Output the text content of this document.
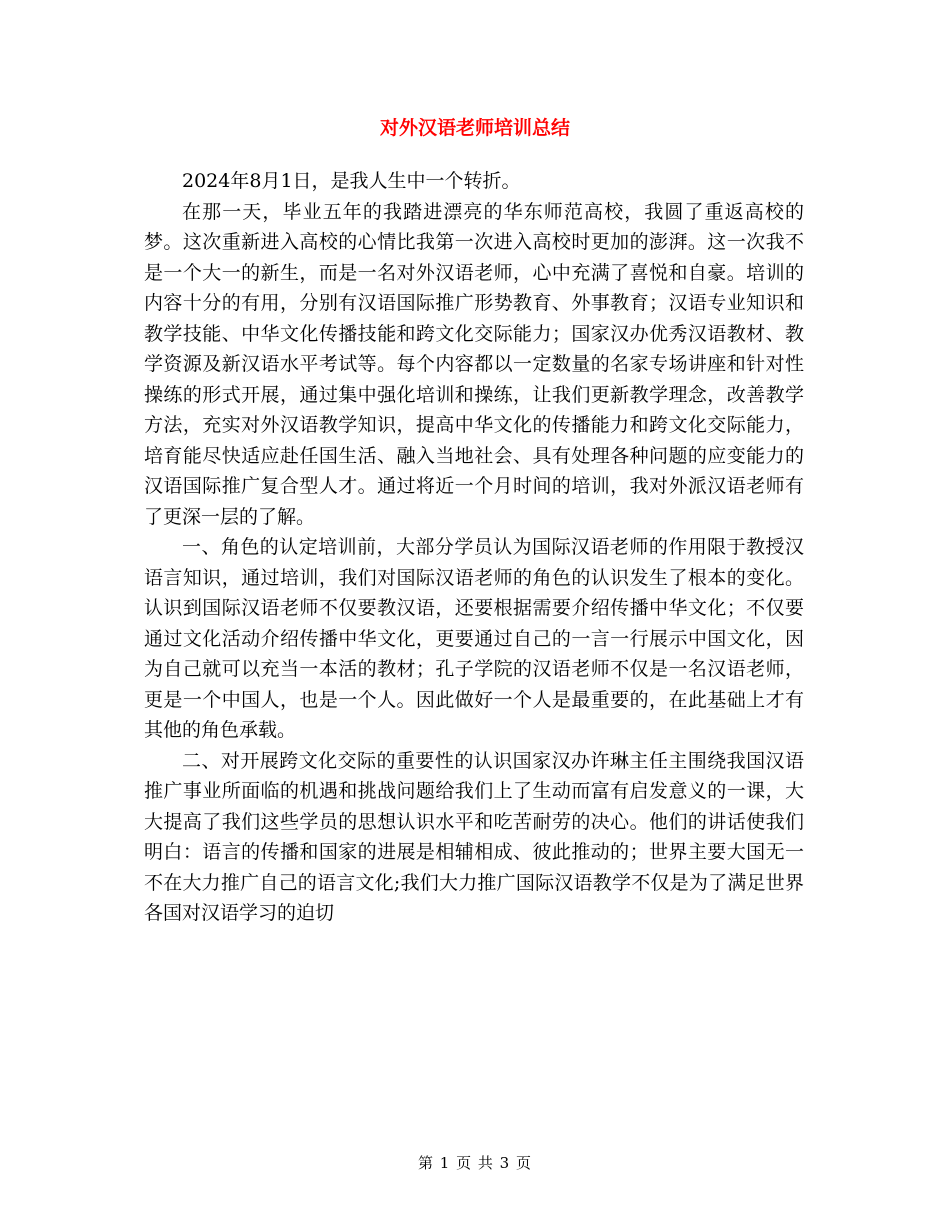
对外汉语老师培训总结

2024年8月1日，是我人生中一个转折。

在那一天，毕业五年的我踏进漂亮的华东师范高校，我圆了重返高校的梦。这次重新进入高校的心情比我第一次进入高校时更加的澎湃。这一次我不是一个大一的新生，而是一名对外汉语老师，心中充满了喜悦和自豪。培训的内容十分的有用，分别有汉语国际推广形势教育、外事教育；汉语专业知识和教学技能、中华文化传播技能和跨文化交际能力；国家汉办优秀汉语教材、教学资源及新汉语水平考试等。每个内容都以一定数量的名家专场讲座和针对性操练的形式开展，通过集中强化培训和操练，让我们更新教学理念，改善教学方法，充实对外汉语教学知识，提高中华文化的传播能力和跨文化交际能力，培育能尽快适应赴任国生活、融入当地社会、具有处理各种问题的应变能力的汉语国际推广复合型人才。通过将近一个月时间的培训，我对外派汉语老师有了更深一层的了解。

一、角色的认定培训前，大部分学员认为国际汉语老师的作用限于教授汉语言知识，通过培训，我们对国际汉语老师的角色的认识发生了根本的变化。认识到国际汉语老师不仅要教汉语，还要根据需要介绍传播中华文化；不仅要通过文化活动介绍传播中华文化，更要通过自己的一言一行展示中国文化，因为自己就可以充当一本活的教材；孔子学院的汉语老师不仅是一名汉语老师，更是一个中国人，也是一个人。因此做好一个人是最重要的，在此基础上才有其他的角色承载。

二、对开展跨文化交际的重要性的认识国家汉办许琳主任主围绕我国汉语推广事业所面临的机遇和挑战问题给我们上了生动而富有启发意义的一课，大大提高了我们这些学员的思想认识水平和吃苦耐劳的决心。他们的讲话使我们明白：语言的传播和国家的进展是相辅相成、彼此推动的；世界主要大国无一不在大力推广自己的语言文化;我们大力推广国际汉语教学不仅是为了满足世界各国对汉语学习的迫切

第 1 页 共 3 页
